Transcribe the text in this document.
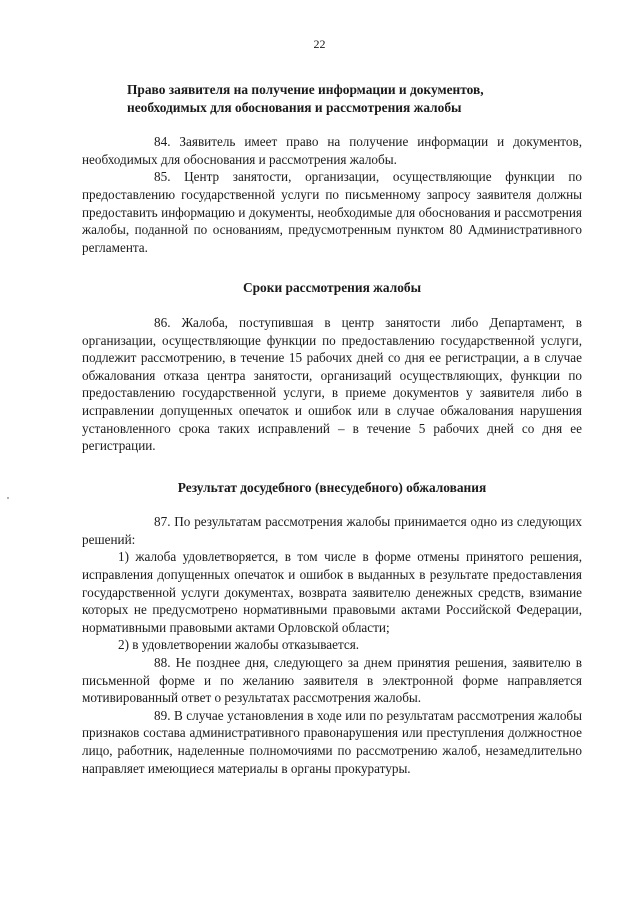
22
Право заявителя на получение информации и документов,
необходимых для обоснования и рассмотрения жалобы

84. Заявитель имеет право на получение информации и документов, необходимых для обоснования и рассмотрения жалобы.

85. Центр занятости, организации, осуществляющие функции по предоставлению государственной услуги по письменному запросу заявителя должны предоставить информацию и документы, необходимые для обоснования и рассмотрения жалобы, поданной по основаниям, предусмотренным пунктом 80 Административного регламента.

Сроки рассмотрения жалобы

86. Жалоба, поступившая в центр занятости либо Департамент, в организации, осуществляющие функции по предоставлению государственной услуги, подлежит рассмотрению, в течение 15 рабочих дней со дня ее регистрации, а в случае обжалования отказа центра занятости, организаций осуществляющих, функции по предоставлению государственной услуги, в приеме документов у заявителя либо в исправлении допущенных опечаток и ошибок или в случае обжалования нарушения установленного срока таких исправлений – в течение 5 рабочих дней со дня ее регистрации.

Результат досудебного (внесудебного) обжалования

87. По результатам рассмотрения жалобы принимается одно из следующих решений:

1) жалоба удовлетворяется, в том числе в форме отмены принятого решения, исправления допущенных опечаток и ошибок в выданных в результате предоставления государственной услуги документах, возврата заявителю денежных средств, взимание которых не предусмотрено нормативными правовыми актами Российской Федерации, нормативными правовыми актами Орловской области;

2) в удовлетворении жалобы отказывается.

88. Не позднее дня, следующего за днем принятия решения, заявителю в письменной форме и по желанию заявителя в электронной форме направляется мотивированный ответ о результатах рассмотрения жалобы.

89. В случае установления в ходе или по результатам рассмотрения жалобы признаков состава административного правонарушения или преступления должностное лицо, работник, наделенные полномочиями по рассмотрению жалоб, незамедлительно направляет имеющиеся материалы в органы прокуратуры.
